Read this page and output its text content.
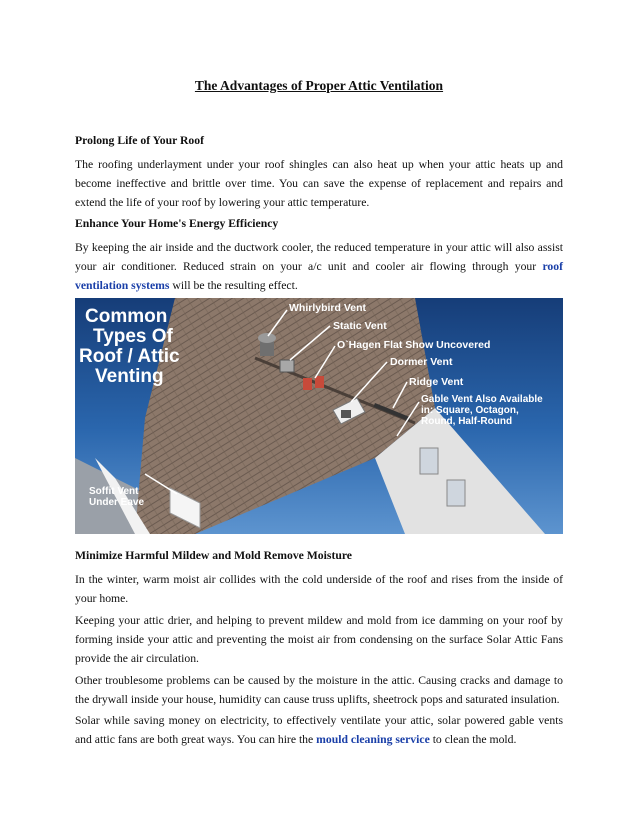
The Advantages of Proper Attic Ventilation
Prolong Life of Your Roof
The roofing underlayment under your roof shingles can also heat up when your attic heats up and become ineffective and brittle over time. You can save the expense of replacement and repairs and extend the life of your roof by lowering your attic temperature.
Enhance Your Home's Energy Efficiency
By keeping the air inside and the ductwork cooler, the reduced temperature in your attic will also assist your air conditioner. Reduced strain on your a/c unit and cooler air flowing through your roof ventilation systems will be the resulting effect.
Common
Types Of
Roof / Attic
Venting
Whirlybird Vent
Static Vent
O`Hagen Flat Show Uncovered
Dormer Vent
Ridge Vent
Gable Vent Also Available
in: Square, Octagon,
Round, Half-Round
Soffit Vent
Under Eave
Minimize Harmful Mildew and Mold Remove Moisture
In the winter, warm moist air collides with the cold underside of the roof and rises from the inside of your home.
Keeping your attic drier, and helping to prevent mildew and mold from ice damming on your roof by forming inside your attic and preventing the moist air from condensing on the surface Solar Attic Fans provide the air circulation.
Other troublesome problems can be caused by the moisture in the attic. Causing cracks and damage to the drywall inside your house, humidity can cause truss uplifts, sheetrock pops and saturated insulation.
Solar while saving money on electricity, to effectively ventilate your attic, solar powered gable vents and attic fans are both great ways. You can hire the mould cleaning service to clean the mold.
